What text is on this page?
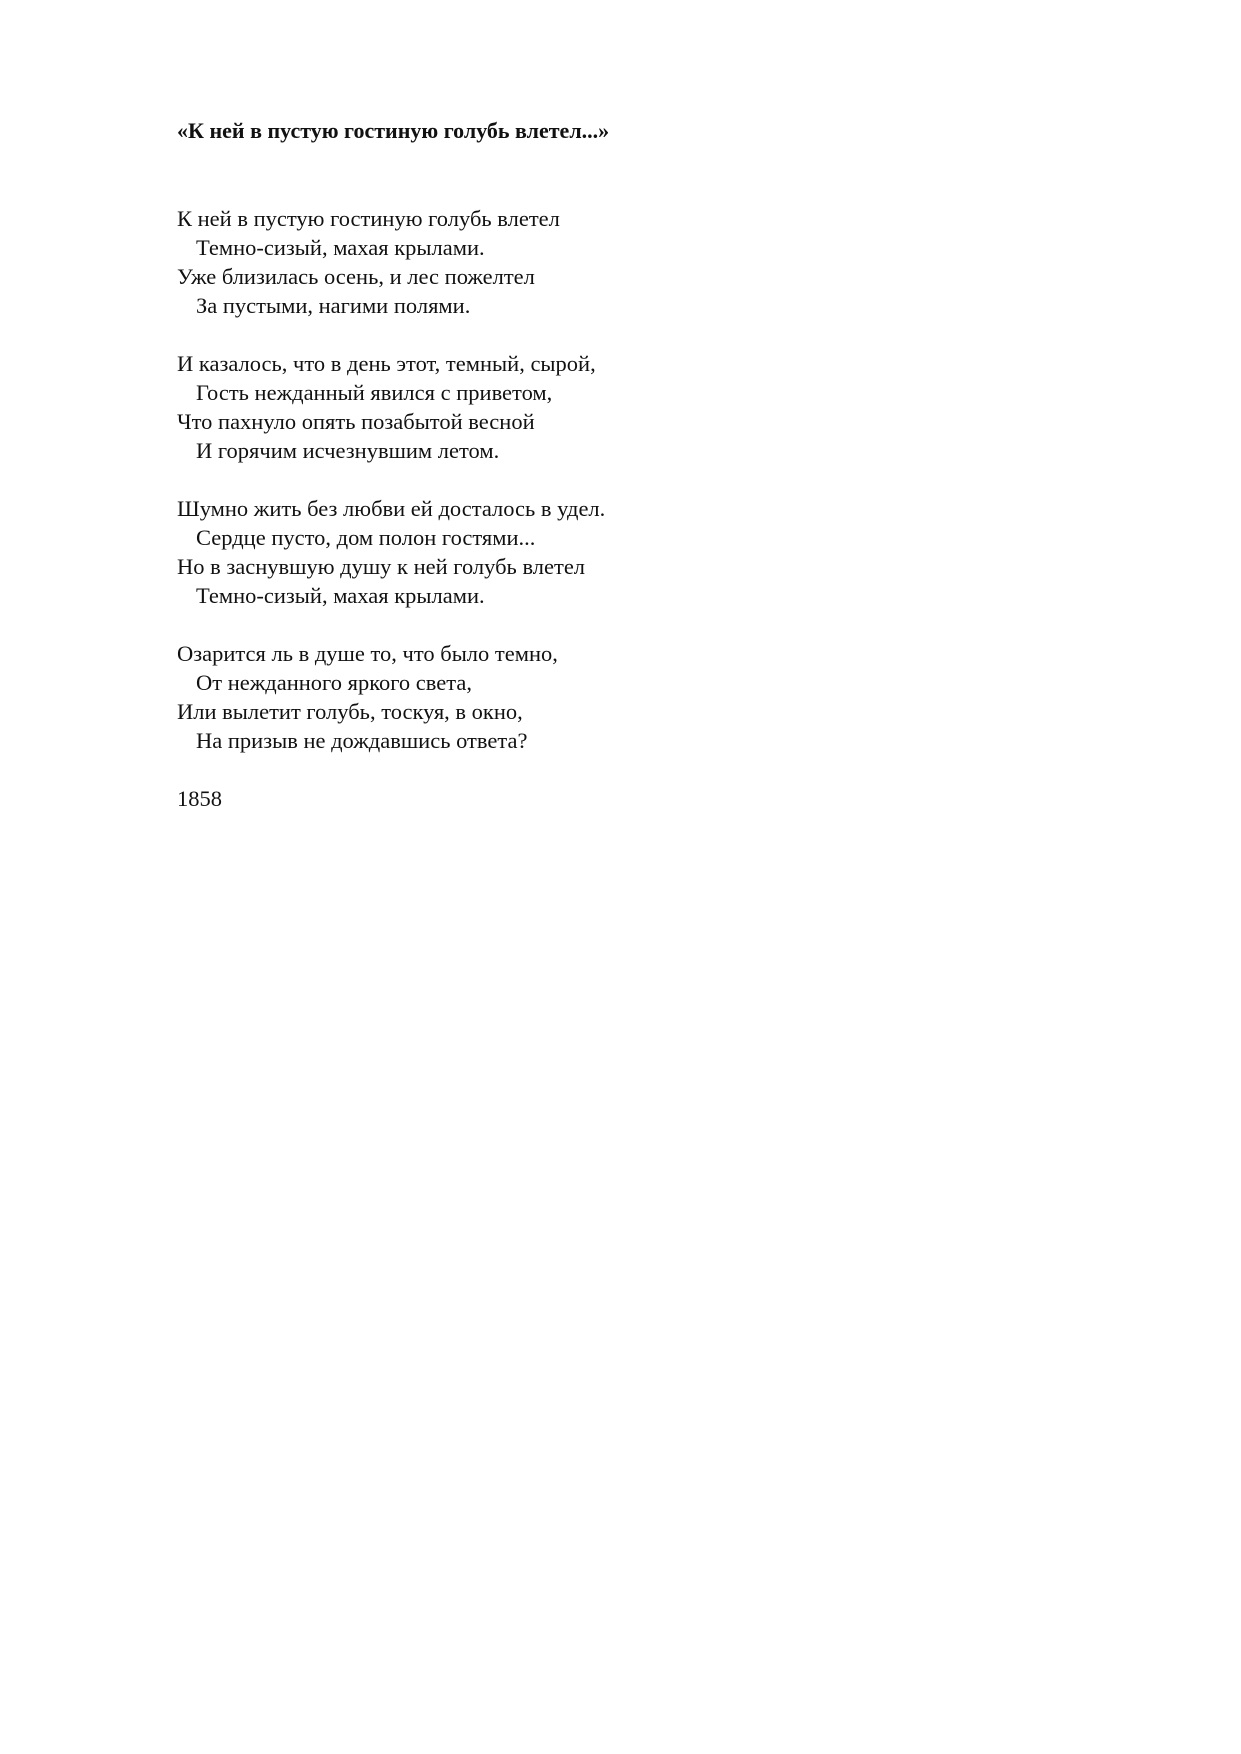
«К ней в пустую гостиную голубь влетел...»
К ней в пустую гостиную голубь влетел
Темно-сизый, махая крылами.
Уже близилась осень, и лес пожелтел
За пустыми, нагими полями.
И казалось, что в день этот, темный, сырой,
Гость нежданный явился с приветом,
Что пахнуло опять позабытой весной
И горячим исчезнувшим летом.
Шумно жить без любви ей досталось в удел.
Сердце пусто, дом полон гостями...
Но в заснувшую душу к ней голубь влетел
Темно-сизый, махая крылами.
Озарится ль в душе то, что было темно,
От нежданного яркого света,
Или вылетит голубь, тоскуя, в окно,
На призыв не дождавшись ответа?
1858
